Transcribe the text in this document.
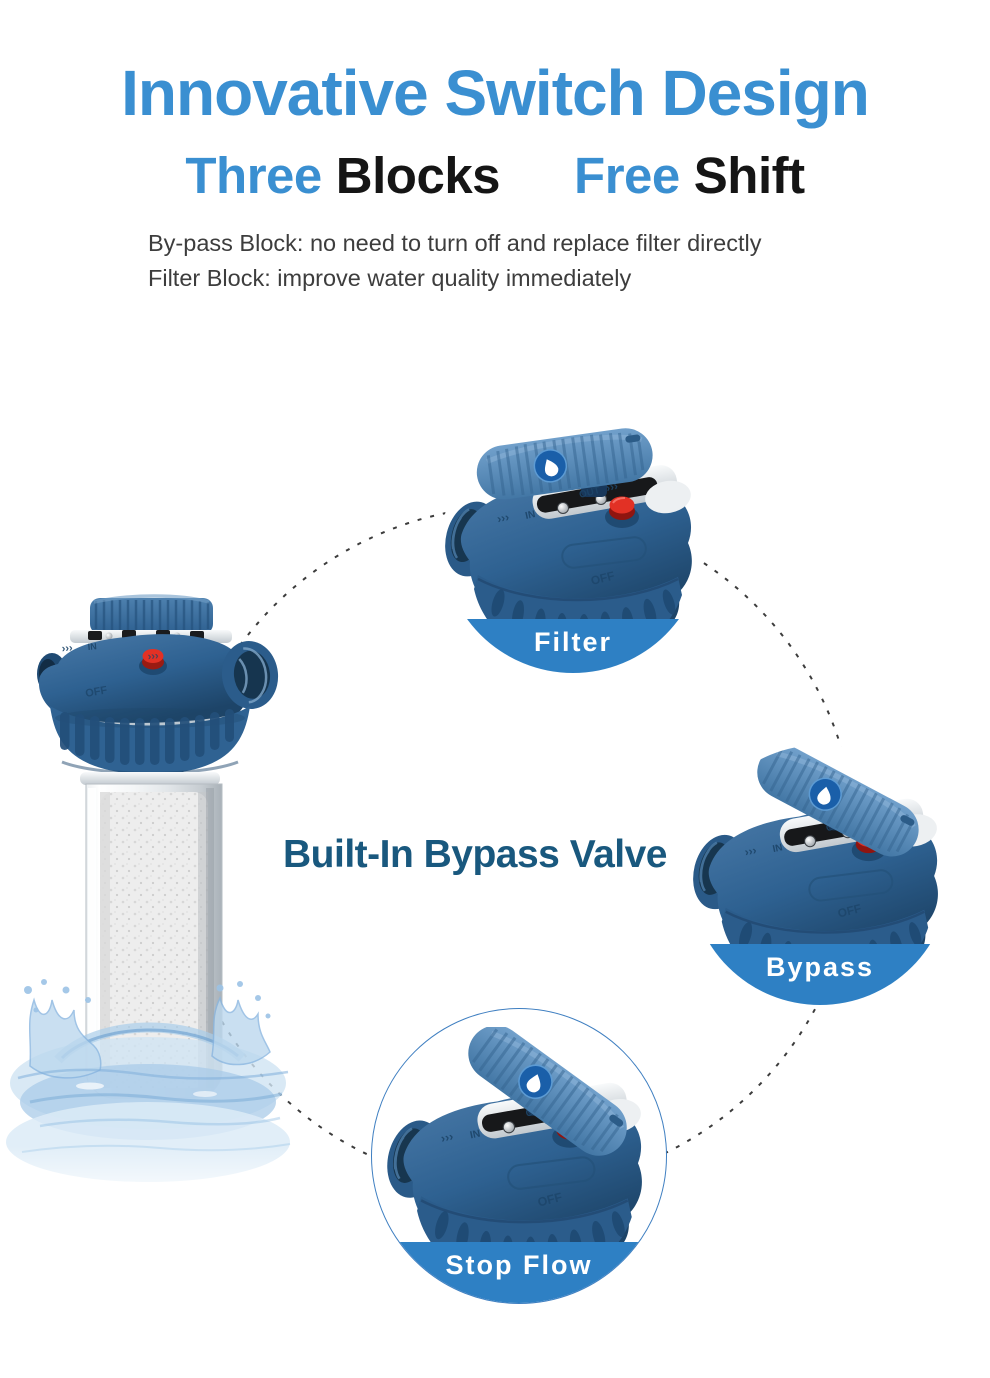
Innovative Switch Design
Three Blocks Free Shift

By-pass Block: no need to turn off and replace filter directly
Filter Block: improve water quality immediately

››› IN
›››
OFF
Built-In Bypass Valve
Filter
Bypass
Stop Flow
